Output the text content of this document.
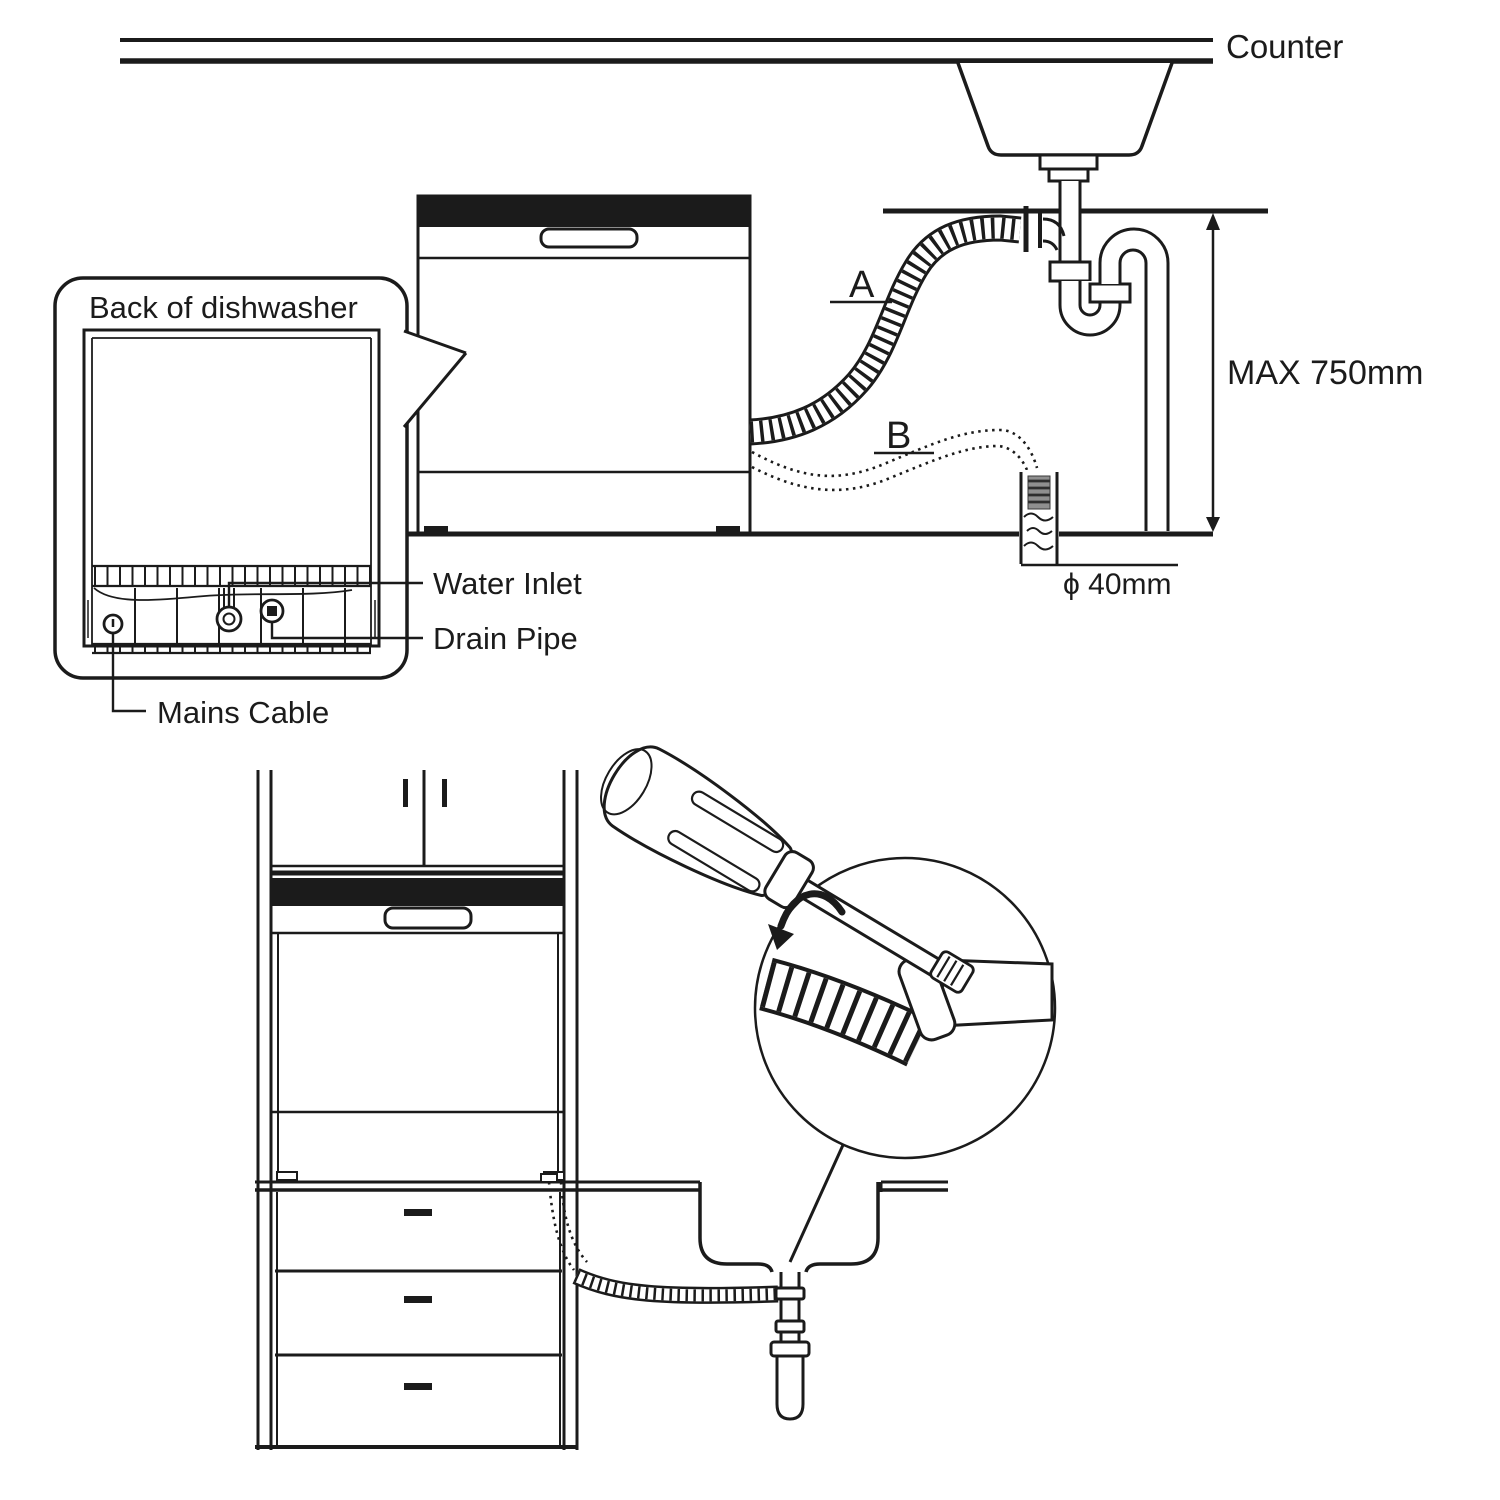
Counter
B
ϕ 40mm
A
MAX 750mm
Back of dishwasher
Water Inlet
Drain Pipe
Mains Cable
